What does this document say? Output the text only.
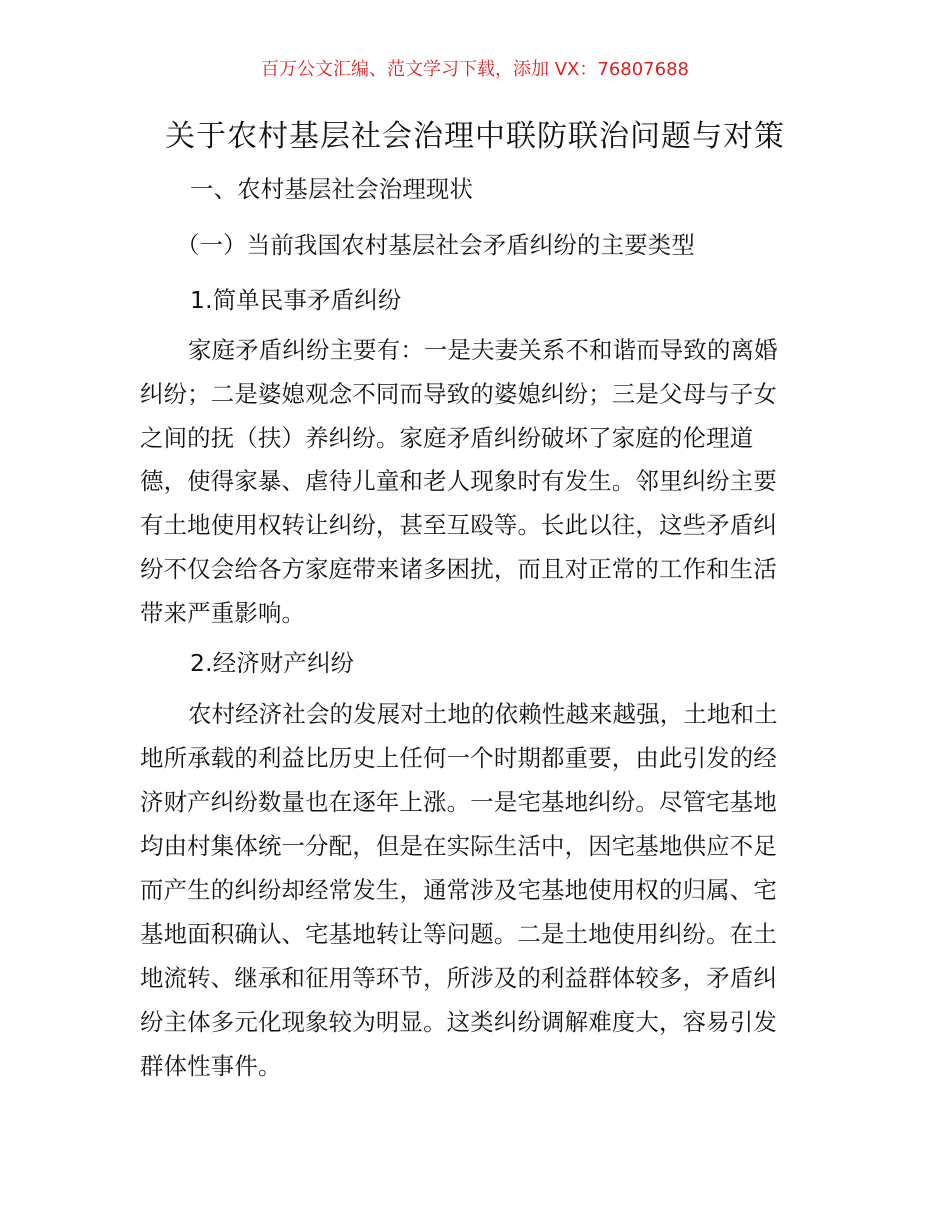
百万公文汇编、范文学习下载，添加 VX：76807688
关于农村基层社会治理中联防联治问题与对策
一、农村基层社会治理现状
（一）当前我国农村基层社会矛盾纠纷的主要类型
1.简单民事矛盾纠纷
家庭矛盾纠纷主要有：一是夫妻关系不和谐而导致的离婚
纠纷；二是婆媳观念不同而导致的婆媳纠纷；三是父母与子女
之间的抚（扶）养纠纷。家庭矛盾纠纷破坏了家庭的伦理道
德，使得家暴、虐待儿童和老人现象时有发生。邻里纠纷主要
有土地使用权转让纠纷，甚至互殴等。长此以往，这些矛盾纠
纷不仅会给各方家庭带来诸多困扰，而且对正常的工作和生活
带来严重影响。
2.经济财产纠纷
农村经济社会的发展对土地的依赖性越来越强，土地和土
地所承载的利益比历史上任何一个时期都重要，由此引发的经
济财产纠纷数量也在逐年上涨。一是宅基地纠纷。尽管宅基地
均由村集体统一分配，但是在实际生活中，因宅基地供应不足
而产生的纠纷却经常发生，通常涉及宅基地使用权的归属、宅
基地面积确认、宅基地转让等问题。二是土地使用纠纷。在土
地流转、继承和征用等环节，所涉及的利益群体较多，矛盾纠
纷主体多元化现象较为明显。这类纠纷调解难度大，容易引发
群体性事件。
